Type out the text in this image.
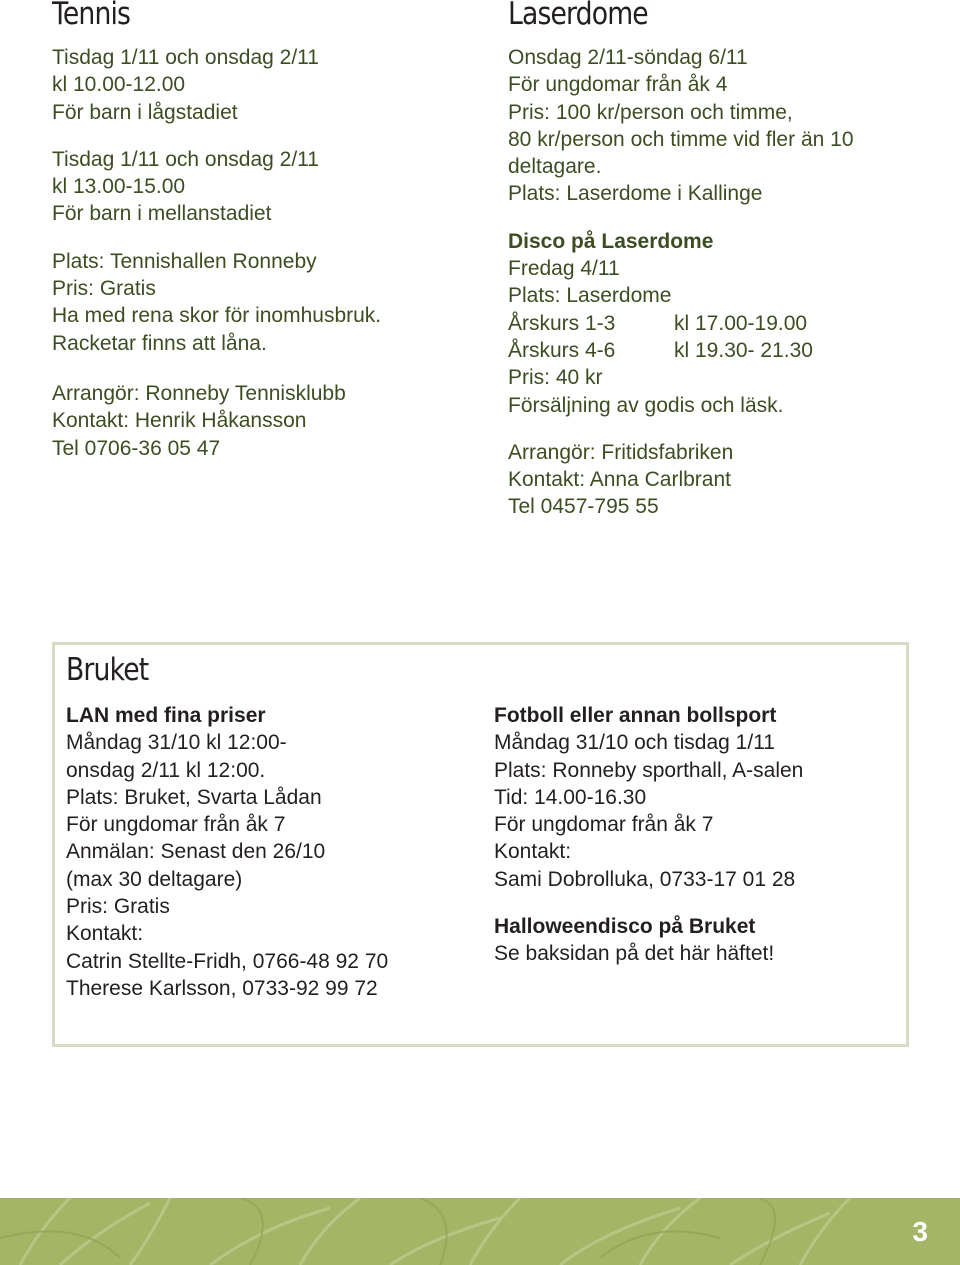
Tennis
Tisdag 1/11 och onsdag 2/11
kl 10.00-12.00
För barn i lågstadiet
Tisdag 1/11 och onsdag 2/11
kl 13.00-15.00
För barn i mellanstadiet
Plats: Tennishallen Ronneby
Pris: Gratis
Ha med rena skor för inomhusbruk.
Racketar finns att låna.
Arrangör: Ronneby Tennisklubb
Kontakt: Henrik Håkansson
Tel 0706-36 05 47
Laserdome
Onsdag 2/11-söndag 6/11
För ungdomar från åk 4
Pris: 100 kr/person och timme,
80 kr/person och timme vid fler än 10
deltagare.
Plats: Laserdome i Kallinge
Disco på Laserdome
Fredag 4/11
Plats: Laserdome
Årskurs 1-3	kl 17.00-19.00
Årskurs 4-6	kl 19.30- 21.30
Pris: 40 kr
Försäljning av godis och läsk.
Arrangör: Fritidsfabriken
Kontakt: Anna Carlbrant
Tel 0457-795 55
Bruket
LAN med fina priser
Måndag 31/10 kl 12:00-
onsdag 2/11 kl 12:00.
Plats: Bruket, Svarta Lådan
För ungdomar från åk 7
Anmälan: Senast den 26/10
(max 30 deltagare)
Pris: Gratis
Kontakt:
Catrin Stellte-Fridh, 0766-48 92 70
Therese Karlsson, 0733-92 99 72
Fotboll eller annan bollsport
Måndag 31/10 och tisdag 1/11
Plats: Ronneby sporthall, A-salen
Tid: 14.00-16.30
För ungdomar från åk 7
Kontakt:
Sami Dobrolluka, 0733-17 01 28
Halloweendisco på Bruket
Se baksidan på det här häftet!
3
